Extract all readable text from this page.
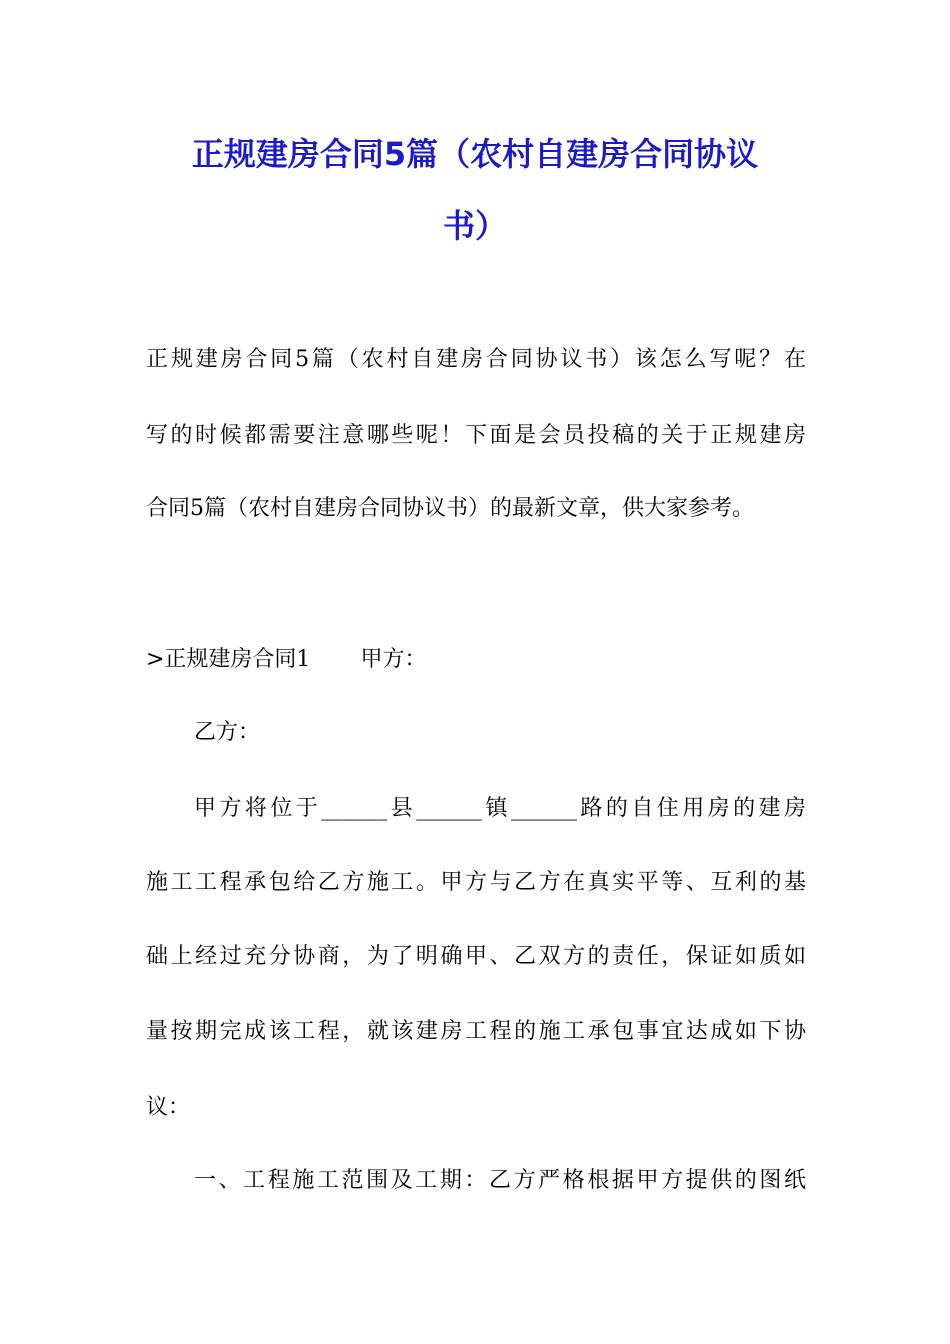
正规建房合同5篇（农村自建房合同协议
书）

正规建房合同5篇（农村自建房合同协议书）该怎么写呢？在

写的时候都需要注意哪些呢！下面是会员投稿的关于正规建房

合同5篇（农村自建房合同协议书）的最新文章，供大家参考。

>正规建房合同1 甲方：

乙方：

甲方将位于______县______镇______路的自住用房的建房

施工工程承包给乙方施工。甲方与乙方在真实平等、互利的基

础上经过充分协商，为了明确甲、乙双方的责任，保证如质如

量按期完成该工程，就该建房工程的施工承包事宜达成如下协

议：

一、工程施工范围及工期：乙方严格根据甲方提供的图纸
